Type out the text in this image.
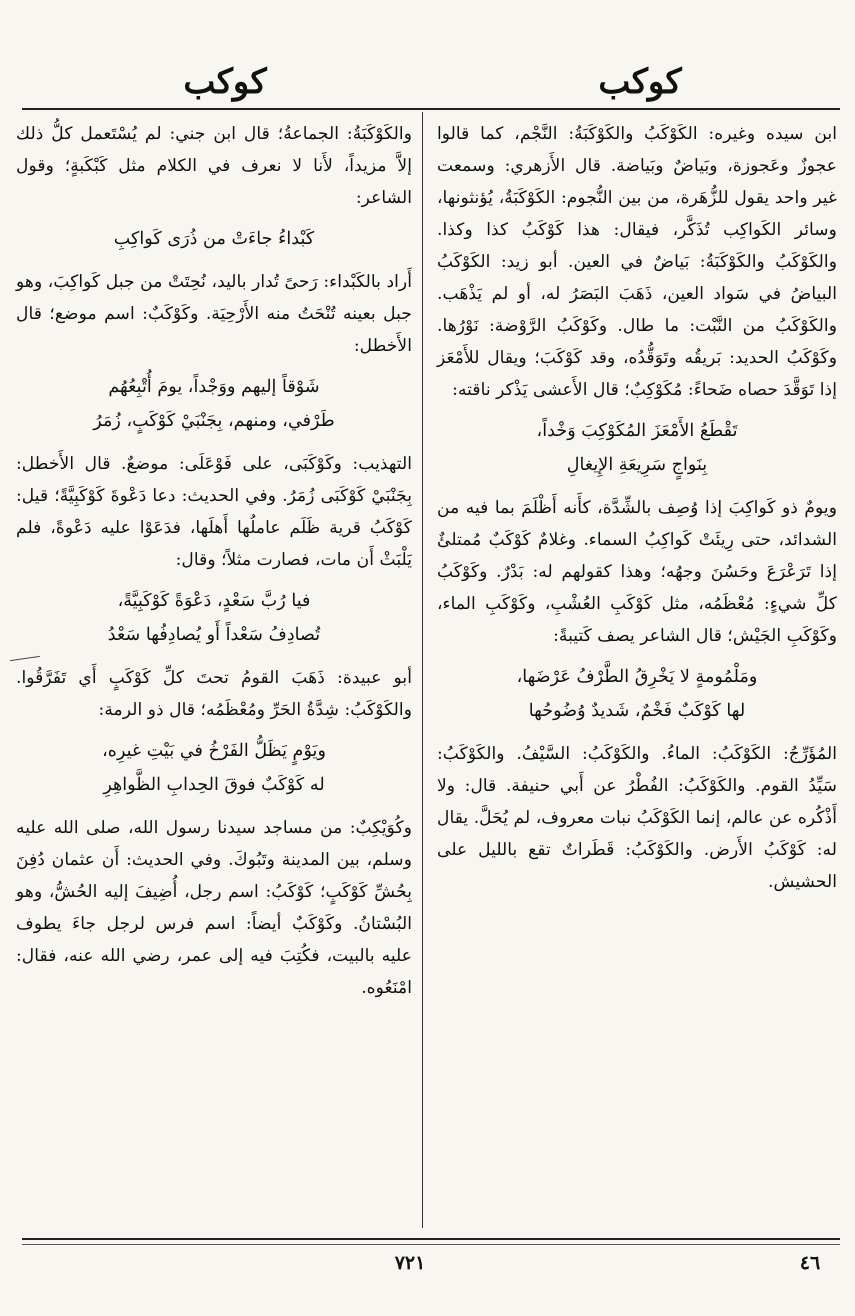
كوكب
كوكب

ابن سيده وغيره: الكَوْكَبُ والكَوْكَبَةُ: النَّجْم، كما قالوا عجوزٌ وعَجوزة، وبَياضٌ وبَياضة. قال الأَزهري: وسمعت غير واحد يقول للزُّهَرة، من بين النُّجوم: الكَوْكَبَةُ، يُؤنثونها، وسائر الكَواكِب تُذَكَّر، فيقال: هذا كَوْكَبُ كذا وكذا. والكَوْكَبُ والكَوْكَبَةُ: بَياضٌ في العين. أبو زيد: الكَوْكَبُ البياضُ في سَواد العين، ذَهَبَ البَصَرُ له، أو لم يَذْهَب. والكَوْكَبُ من النَّبْت: ما طال. وكَوْكَبُ الرَّوْضة: نَوْرُها. وكَوْكَبُ الحديد: بَريقُه وتَوَقُّدُه، وقد كَوْكَبَ؛ ويقال للأَمْعَز إذا تَوَقَّدَ حصاه ضَحاءً: مُكَوْكِبٌ؛ قال الأَعشى يَذْكر ناقته:

تَقْطَعُ الأَمْعَزَ المُكَوْكِبَ وَخْداً،
بِنَواجٍ سَرِيعَةِ الإِيغالِ

ويومٌ ذو كَواكِبَ إذا وُصِف بالشِّدَّة، كأَنه أَظْلَمَ بما فيه من الشدائد، حتى رِيئَتْ كَواكِبُ السماء. وغلامٌ كَوْكَبٌ مُمتلئٌ إذا تَرَعْرَعَ وحَسُنَ وجهُه؛ وهذا كقولهم له: بَدْرٌ. وكَوْكَبُ كلِّ شيءٍ: مُعْظَمُه، مثل كَوْكَبِ العُشْبِ، وكَوْكَبِ الماء، وكَوْكَبِ الجَيْش؛ قال الشاعر يصف كَتيبةً:

ومَلْمُومةٍ لا يَخْرِقُ الطَّرْفُ عَرْضَها،
لها كَوْكَبٌ فَخْمٌ، شَديدٌ وُضُوحُها

المُؤَرِّجُ: الكَوْكَبُ: الماءُ. والكَوْكَبُ: السَّيْفُ. والكَوْكَبُ: سَيِّدُ القوم. والكَوْكَبُ: الفُطْرُ عن أَبي حنيفة. قال: ولا أَذْكُره عن عالم، إنما الكَوْكَبُ نبات معروف، لم يُحَلَّ. يقال له: كَوْكَبُ الأَرض. والكَوْكَبُ: قَطَراتٌ تقع بالليل على الحشيش.

والكَوْكَبَةُ: الجماعةُ؛ قال ابن جني: لم يُسْتَعمل كلُّ ذلك إلاَّ مزيداً، لأَنا لا نعرف في الكلام مثل كَبْكَبةٍ؛ وقول الشاعر:

كَبْداءُ جاءَتْ من ذُرَى كَواكِبِ

أَراد بالكَبْداء: رَحىً تُدار باليد، نُحِتَتْ من جبل كَواكِبَ، وهو جبل بعينه تُنْحَتُ منه الأَرْحِيَة. وكَوْكَبٌ: اسم موضع؛ قال الأَخطل:

شَوْقاً إليهم ووَجْداً، يومَ أُتْبِعُهُم
طَرْفي، ومنهم، بِجَنْبَيْ كَوْكَبٍ، زُمَرُ

التهذيب: وكَوْكَبَى، على فَوْعَلَى: موضعٌ. قال الأَخطل: بِجَنْبَيْ كَوْكَبَى زُمَرُ. وفي الحديث: دعا دَعْوةَ كَوْكَبِيَّةً؛ قيل: كَوْكَبُ قرية ظَلَم عاملُها أَهلَها، فدَعَوْا عليه دَعْوةً، فلم يَلْبَثْ أَن مات، فصارت مثلاً؛ وقال:

فيا رُبَّ سَعْدٍ، دَعْوَةً كَوْكَبِيَّةً،
تُصادِفُ سَعْداً أَو يُصادِفُها سَعْدُ

أبو عبيدة: ذَهَبَ القومُ تحتَ كلِّ كَوْكَبٍ أَي تَفَرَّقُوا. والكَوْكَبُ: شِدَّةُ الحَرِّ ومُعْظَمُه؛ قال ذو الرمة:

ويَوْمٍ يَظَلُّ الفَرْخُ في بَيْتِ غيرِه،
له كَوْكَبٌ فوقَ الحِدابِ الظَّواهِرِ

وكُوَيْكِبٌ: من مساجد سيدنا رسول الله، صلى الله عليه وسلم، بين المدينة وتَبُوكَ. وفي الحديث: أَن عثمان دُفِنَ بِحُشِّ كَوْكَبٍ؛ كَوْكَبُ: اسم رجل، أُضِيفَ إليه الحُشُّ، وهو البُسْتانُ. وكَوْكَبٌ أيضاً: اسم فرس لرجل جاءَ يطوف عليه بالبيت، فكُتِبَ فيه إلى عمر، رضي الله عنه، فقال: امْنَعُوه.

٧٢١	٤٦
